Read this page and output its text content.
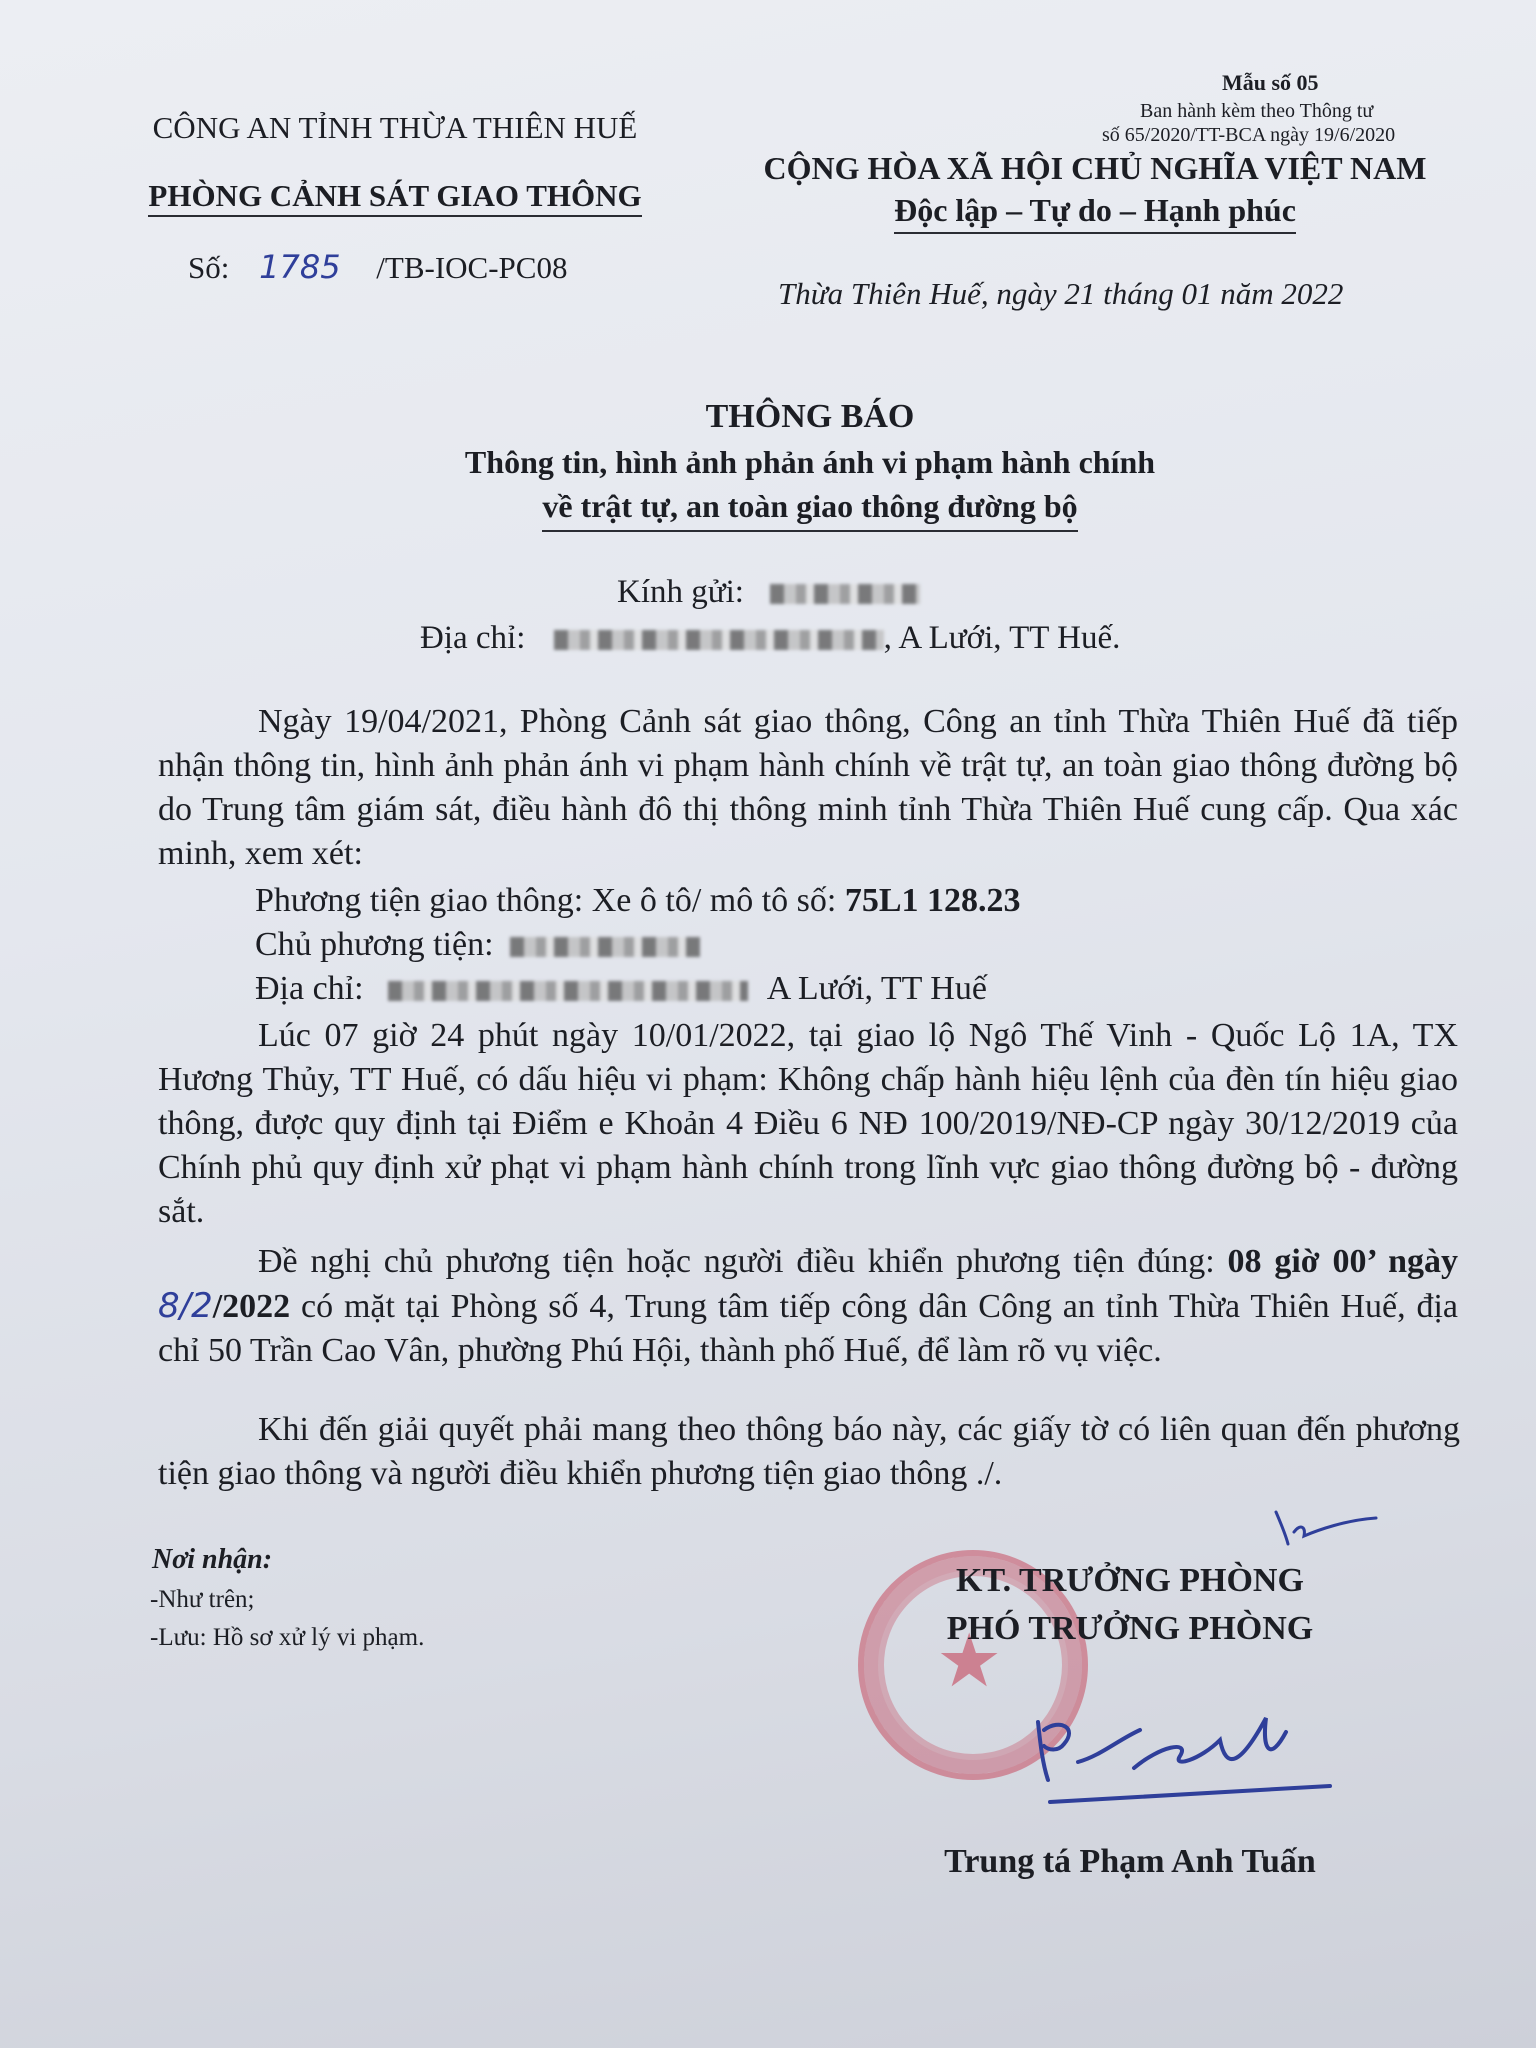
Mẫu số 05
Ban hành kèm theo Thông tư
số 65/2020/TT-BCA ngày 19/6/2020
CÔNG AN TỈNH THỪA THIÊN HUẾ
PHÒNG CẢNH SÁT GIAO THÔNG
Số: 1785 /TB-IOC-PC08
CỘNG HÒA XÃ HỘI CHỦ NGHĨA VIỆT NAM
Độc lập – Tự do – Hạnh phúc
Thừa Thiên Huế, ngày 21 tháng 01 năm 2022
THÔNG BÁO
Thông tin, hình ảnh phản ánh vi phạm hành chính
về trật tự, an toàn giao thông đường bộ
Kính gửi:
Địa chỉ:	, A Lưới, TT Huế.

Ngày 19/04/2021, Phòng Cảnh sát giao thông, Công an tỉnh Thừa Thiên Huế đã tiếp nhận thông tin, hình ảnh phản ánh vi phạm hành chính về trật tự, an toàn giao thông đường bộ do Trung tâm giám sát, điều hành đô thị thông minh tỉnh Thừa Thiên Huế cung cấp. Qua xác minh, xem xét:

Phương tiện giao thông: Xe ô tô/ mô tô số: 75L1 128.23
Chủ phương tiện:
Địa chỉ:	A Lưới, TT Huế

Lúc 07 giờ 24 phút ngày 10/01/2022, tại giao lộ Ngô Thế Vinh - Quốc Lộ 1A, TX Hương Thủy, TT Huế, có dấu hiệu vi phạm: Không chấp hành hiệu lệnh của đèn tín hiệu giao thông, được quy định tại Điểm e Khoản 4 Điều 6 NĐ 100/2019/NĐ-CP ngày 30/12/2019 của Chính phủ quy định xử phạt vi phạm hành chính trong lĩnh vực giao thông đường bộ - đường sắt.

Đề nghị chủ phương tiện hoặc người điều khiển phương tiện đúng: 08 giờ 00’ ngày 8/2/2022 có mặt tại Phòng số 4, Trung tâm tiếp công dân Công an tỉnh Thừa Thiên Huế, địa chỉ 50 Trần Cao Vân, phường Phú Hội, thành phố Huế, để làm rõ vụ việc.

Khi đến giải quyết phải mang theo thông báo này, các giấy tờ có liên quan đến phương tiện giao thông và người điều khiển phương tiện giao thông ./.

Nơi nhận:
-Như trên;
-Lưu: Hồ sơ xử lý vi phạm.	★
KT. TRƯỞNG PHÒNG
PHÓ TRƯỞNG PHÒNG
Trung tá Phạm Anh Tuấn
